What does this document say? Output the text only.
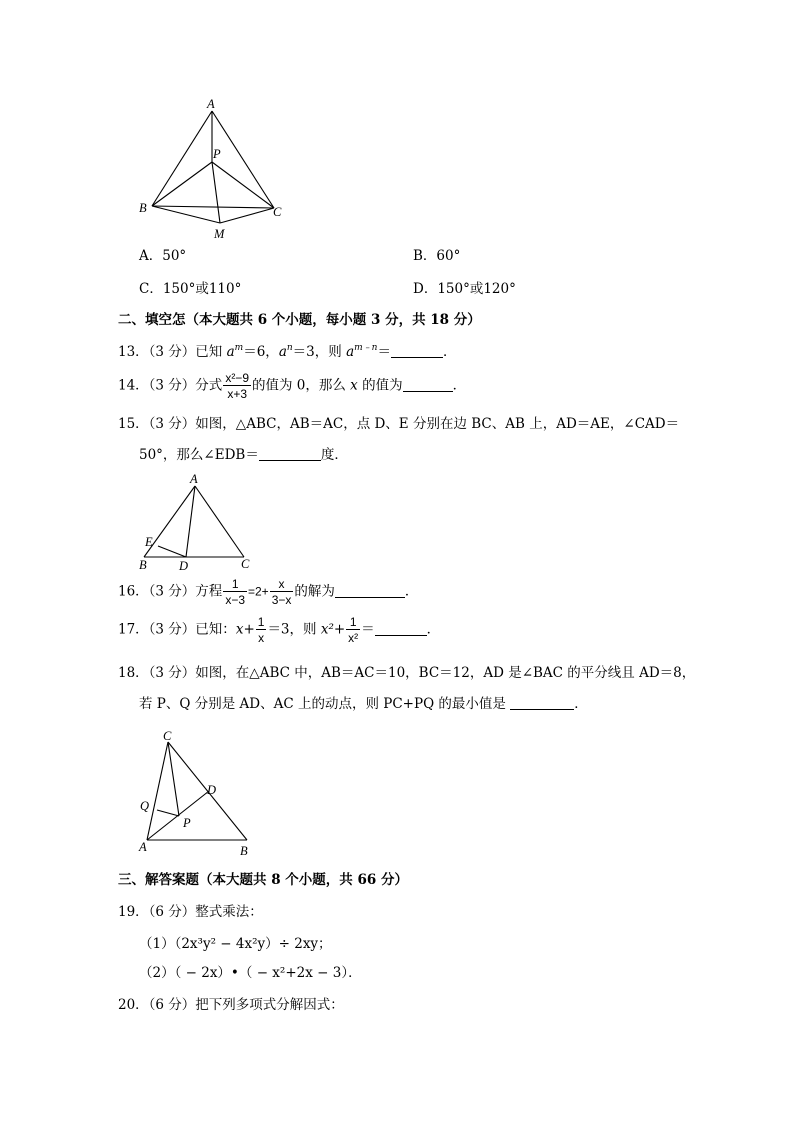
A
P
B	C
M
A．50°	B．60°
C．150°或110°	D．150°或120°
二、填空怎（本大题共 6 个小题，每小题 3 分，共 18 分）
13．（3 分）已知 $a^m=6$，$a^n=3$，则 $a^{m﹣n}=$	．
14．（3 分）分式 $\frac{\text{x²−9}}{x+3}$ 的值为 0，那么 x 的值为	．
15．（3 分）如图，△ABC，AB＝AC，点 D、E 分别在边 BC、AB 上，AD＝AE，∠CAD＝
50°，那么∠EDB＝	度．
A
E
B	D	C
16．（3 分）方程 $\frac{1}{x-3} =2+ \frac{x}{3-x}$ 的解为	．
17．（3 分）已知：$x+ \frac{1}{x} =3$，则 $x^2+ \frac{1}{\text{x²}}$ ＝	．
18．（3 分）如图，在△ABC 中，AB＝AC＝10，BC＝12，AD 是∠BAC 的平分线且 AD＝8，
若 P、Q 分别是 AD、AC 上的动点，则 PC+PQ 的最小值是	．
C
Q
D
P
A	B
三、解答案题（本大题共 8 个小题，共 66 分）
19．（6 分）整式乘法：
（1）（2x³y² − 4x²y）÷ 2xy；
（2）（ − 2x）•（ − x²+2x − 3）．
20．（6 分）把下列多项式分解因式：
